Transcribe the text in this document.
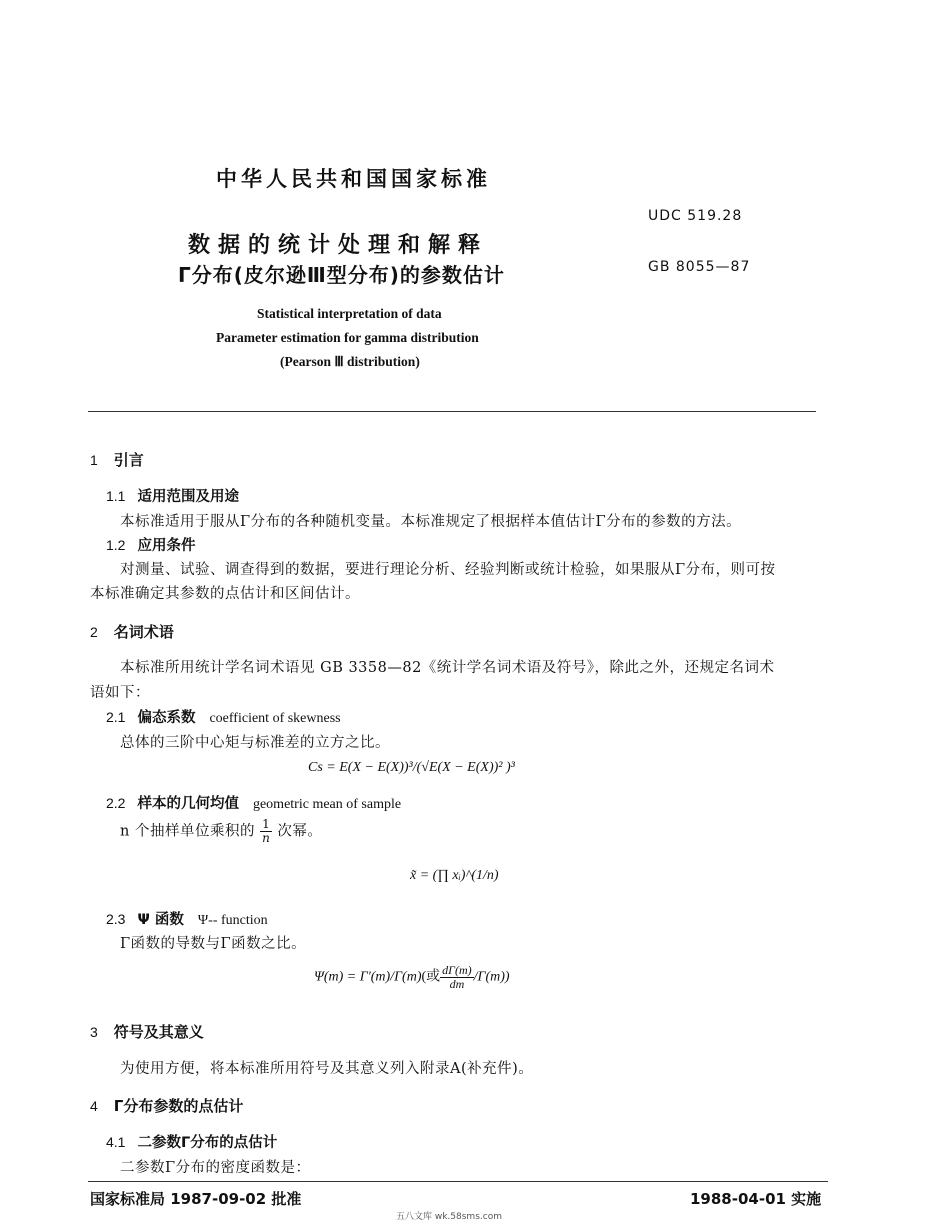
中华人民共和国国家标准
UDC 519.28
数据的统计处理和解释
Γ分布(皮尔逊Ⅲ型分布)的参数估计	GB 8055—87
Statistical interpretation of data
Parameter estimation for gamma distribution
(Pearson Ⅲ distribution)
1 引言
1.1 适用范围及用途
本标准适用于服从Γ分布的各种随机变量。本标准规定了根据样本值估计Γ分布的参数的方法。
1.2 应用条件
对测量、试验、调查得到的数据，要进行理论分析、经验判断或统计检验，如果服从Γ分布，则可按
本标准确定其参数的点估计和区间估计。
2 名词术语
本标准所用统计学名词术语见 GB 3358—82《统计学名词术语及符号》，除此之外，还规定名词术
语如下：
2.1 偏态系数 coefficient of skewness
总体的三阶中心矩与标准差的立方之比。
Cs = E(X − E(X))³/(√E(X − E(X))² )³
2.2 样本的几何均值 geometric mean of sample
n 个抽样单位乘积的 $\frac{1}{n}$ 次幂。
x̃ = (∏ xᵢ)^(1/n)
2.3 Ψ 函数 Ψ-- function
Γ函数的导数与Γ函数之比。
Ψ(m) = Γ′(m)/Γ(m)(或 $\frac{d\Gamma(m)}{dm} /\Gamma(m)$)
3 符号及其意义
为使用方便，将本标准所用符号及其意义列入附录A(补充件)。
4 Γ分布参数的点估计
4.1 二参数Γ分布的点估计
二参数Γ分布的密度函数是：
国家标准局 1987-09-02 批准	1988-04-01 实施
五八文库 wk.58sms.com
